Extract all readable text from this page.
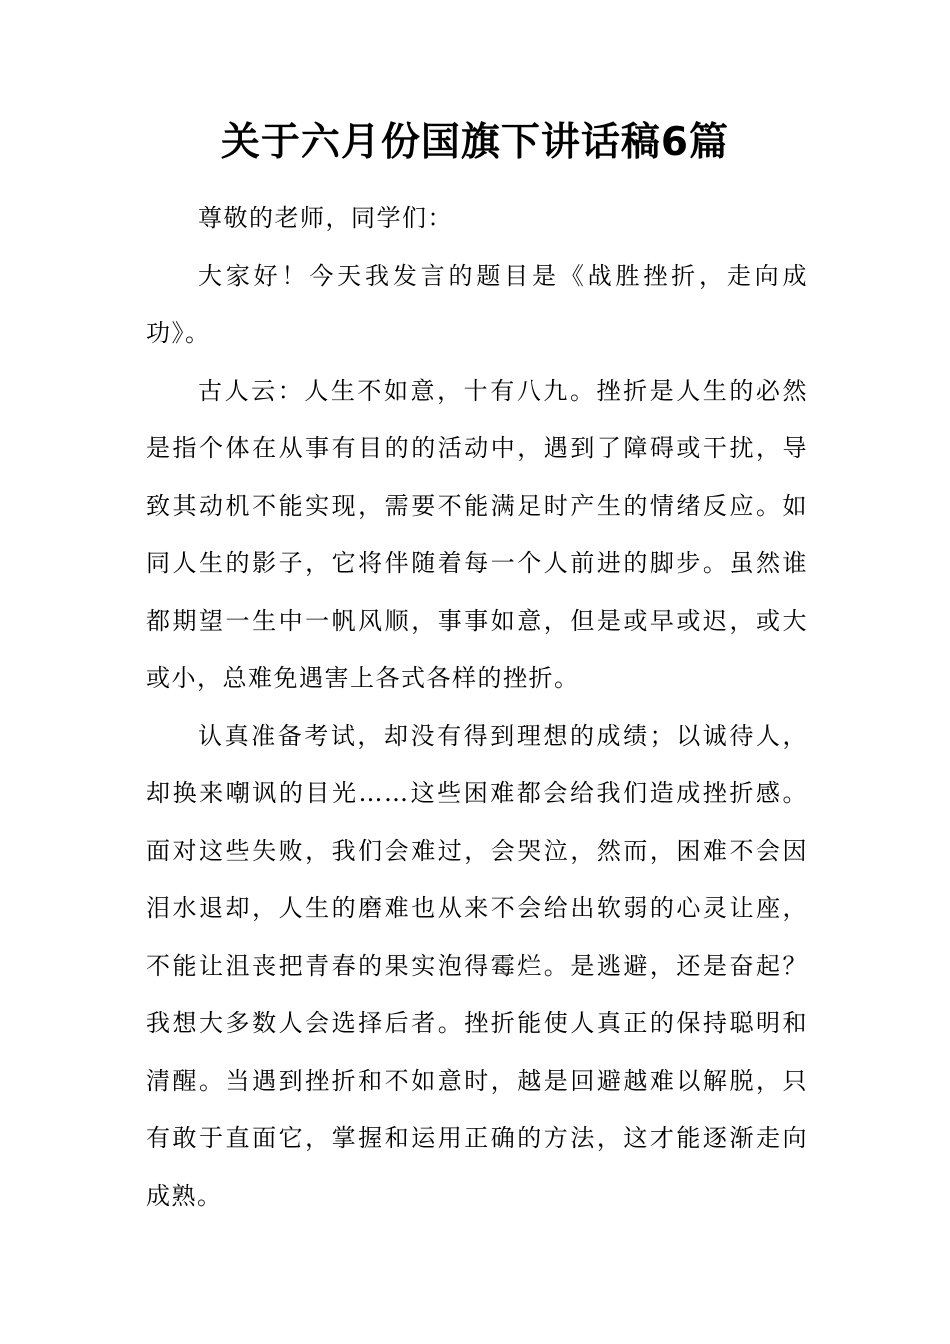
关于六月份国旗下讲话稿6篇

尊敬的老师，同学们：

大家好！今天我发言的题目是《战胜挫折，走向成功》。

古人云：人生不如意，十有八九。挫折是人生的必然是指个体在从事有目的的活动中，遇到了障碍或干扰，导致其动机不能实现，需要不能满足时产生的情绪反应。如同人生的影子，它将伴随着每一个人前进的脚步。虽然谁都期望一生中一帆风顺，事事如意，但是或早或迟，或大或小，总难免遇害上各式各样的挫折。

认真准备考试，却没有得到理想的成绩；以诚待人，却换来嘲讽的目光……这些困难都会给我们造成挫折感。面对这些失败，我们会难过，会哭泣，然而，困难不会因泪水退却，人生的磨难也从来不会给出软弱的心灵让座，不能让沮丧把青春的果实泡得霉烂。是逃避，还是奋起？我想大多数人会选择后者。挫折能使人真正的保持聪明和清醒。当遇到挫折和不如意时，越是回避越难以解脱，只有敢于直面它，掌握和运用正确的方法，这才能逐渐走向成熟。
